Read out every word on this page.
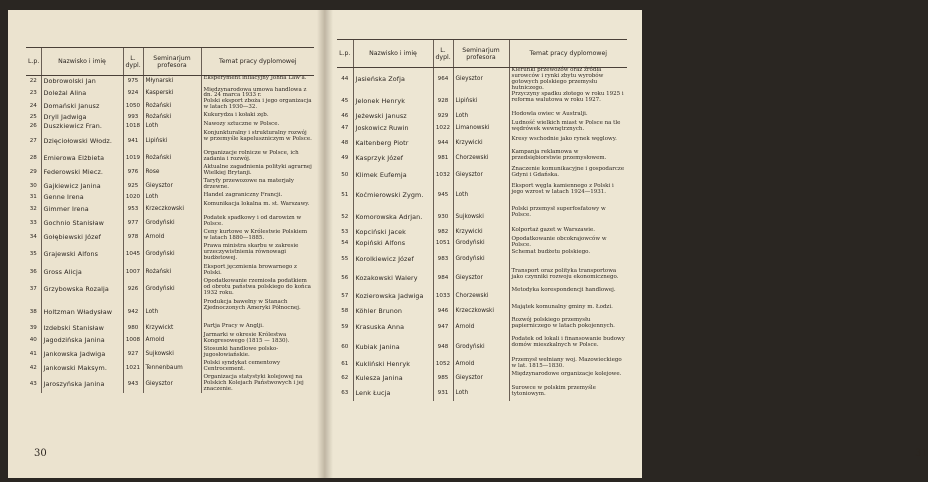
L.p.	Nazwisko i imię	L. dypl.	Seminarjum profesora	Temat pracy dyplomowej
22	Dobrowolski Jan	975	Młynarski	Eksperyment inflacyjny Johna Law'a.
23	Doleżal Alina	924	Kasperski	Międzynarodowa umowa handlowa z dn. 24 marca 1933 r.
24	Domański Janusz	1050	Rożański	Polski eksport zboża i jego organizacja w latach 1930—32.
25	Dryll Jadwiga	993	Rożański	Kukurydza i kołaki zęb.
26	Duszkiewicz Fran.	1018	Loth	Nawozy sztuczne w Polsce.
27	Dzięciołowski Włodz.	941	Lipiński	Konjunkturalny i strukturalny rozwój w przemyśle kapeluszniczym w Polsce.
28	Emierowa Elżbieta	1019	Rożański	Organizacje rolnicze w Polsce, ich zadania i rozwój.
29	Federowski Miecz.	976	Rose	Aktualne zagadnienia polityki agrarnej Wielkiej Brytanji.
30	Gajkiewicz Janina	925	Gieysztor	Taryfy przewozowe na materjały drzewne.
31	Genne Irena	1020	Loth	Handel zagraniczny Francji.
32	Gimmer Irena	953	Krzeczkowski	Komunikacja lokalna m. st. Warszawy.
33	Gochnio Stanisław	977	Grodyński	Podatek spadkowy i od darowizn w Polsce.
34	Gołębiewski Józef	978	Arnold	Ceny kurtowe w Królestwie Polskiem w latach 1880—1885.
35	Grajewski Alfons	1045	Grodyński	Prawa ministra skarbu w zakresie urzeczywistnienia równowagi budżetowej.
36	Gross Alicja	1007	Rożański	Eksport jęczmienia browarnego z Polski.
37	Grzybowska Rozalja	926	Grodyński	Opodatkowanie rzemiosła podatkiem od obrotu państwa polskiego do końca 1932 roku.
38	Holtzman Władysław	942	Loth	Produkcja bawełny w Stanach Zjednoczonych Ameryki Północnej.
39	Izdebski Stanisław	980	Krzywickt	Partja Pracy w Anglji.
40	Jagodzińska Janina	1008	Arnold	Jarmarki w okresie Królestwa Kongresowego (1815 — 1830).
41	Jankowska Jadwiga	927	Sujkowski	Stosunki handlowe polsko-jugosłowiańskie.
42	Jankowski Maksym.	1021	Tennenbaum	Polski syndykat cementowy Centrocement.
43	Jaroszyńska Janina	943	Gieysztor	Organizacja statystyki kolejowej na Polskich Kolejach Państwowych i jej znaczenie.
30
L.p.	Nazwisko i imię	L. dypl.	Seminarjum profesora	Temat pracy dyplomowej
44	Jasieńska Zofja	964	Gieysztor	Kierunki przewozów oraz źródła surowców i rynki zbytu wyrobów gotowych polskiego przemysłu hutniczego.
45	Jelonek Henryk	928	Lipiński	Przyczyny spadku złotego w roku 1925 i reforma walutowa w roku 1927.
46	Jeżewski Janusz	929	Loth	Hodowla owiec w Australji.
47	Joskowicz Ruwin	1022	Limanowski	Ludność wielkich miast w Polsce na tle wędrówek wewnętrznych.
48	Kaltenberg Piotr	944	Krzywicki	Kresy wschodnie jako rynek węglowy.
49	Kasprzyk Józef	981	Chorzewski	Kampanja reklamowa w przedsiębiorstwie przemysłowem.
50	Klimek Eufemja	1032	Gieysztor	Znaczenie komunikacyjne i gospodarcze Gdyni i Gdańska.
51	Koćmierowski Zygm.	945	Loth	Eksport węgla kamiennego z Polski i jego wzrost w latach 1924—1931.
52	Komorowska Adrjan.	930	Sujkowski	Polski przemysł superfosfatowy w Polsce.
53	Kopciński Jacek	982	Krzywicki	Kolportaż gazet w Warszawie.
54	Kopiński Alfons	1051	Grodyński	Opodatkowanie obcokrajowców w Polsce.
55	Korolkiewicz Józef	983	Grodyński	Schemat budżetu polskiego.
56	Kozakowski Walery	984	Gieysztor	Transport oraz polityka transportowa jako czynniki rozwoju ekonomicznego.
57	Kozierowska Jadwiga	1033	Chorzewski	Metodyka korespondencji handlowej.
58	Köhler Brunon	946	Krzeczkowski	Majątek komunalny gminy m. Łodzi.
59	Krasuska Anna	947	Arnold	Rozwój polskiego przemysłu papierniczego w latach pokojennych.
60	Kubiak Janina	948	Grodyński	Podatek od lokali i finansowanie budowy domów mieszkalnych w Polsce.
61	Kukliński Henryk	1052	Arnold	Przemysł wełniany woj. Mazowieckiego w lat. 1815—1830.
62	Kulesza Janina	985	Gieysztor	Międzynarodowe organizacje kolejowe.
63	Lenk Łucja	931	Loth	Surowce w polskim przemyśle tytoniowym.
31
